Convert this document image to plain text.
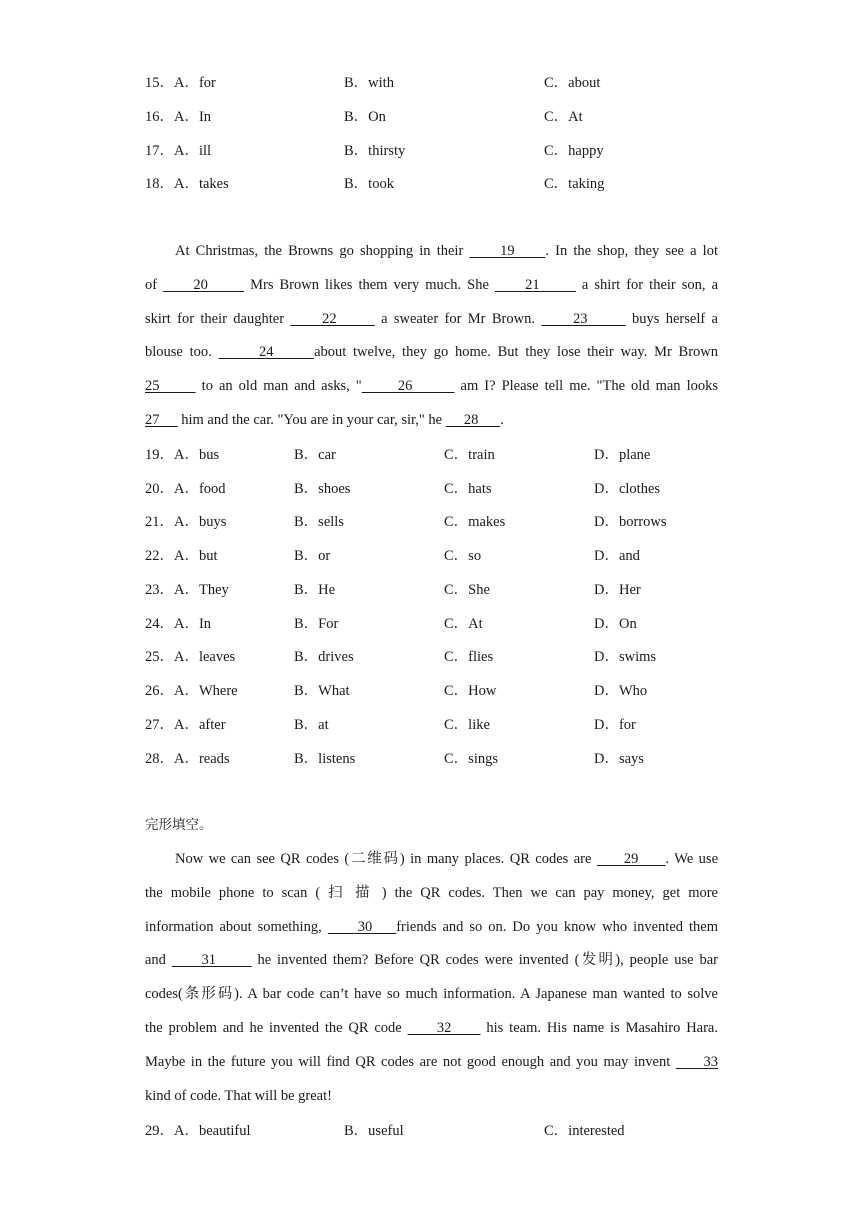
15．A．for	B．with	C．about
16．A．In	B．On	C．At
17．A．ill	B．thirsty	C．happy
18．A．takes	B．took	C．taking
At Christmas, the Browns go shopping in their      19     . In the shop, they see a lot
of      20       Mrs Brown likes them very much. She      21       a shirt for their son, a
skirt for their daughter      22       a sweater for Mr Brown.      23       buys herself a
blouse too.       24      about twelve, they go home. But they lose their way. Mr Brown
25       to an old man and asks, "      26        am I? Please tell me. "The old man looks
27      him and the car. "You are in your car, sir," he      28      .
19．A．bus	B．car	C．train	D．plane
20．A．food	B．shoes	C．hats	D．clothes
21．A．buys	B．sells	C．makes	D．borrows
22．A．but	B．or	C．so	D．and
23．A．They	B．He	C．She	D．Her
24．A．In	B．For	C．At	D．On
25．A．leaves	B．drives	C．flies	D．swims
26．A．Where	B．What	C．How	D．Who
27．A．after	B．at	C．like	D．for
28．A．reads	B．listens	C．sings	D．says
完形填空。
Now we can see QR codes (二维码) in many places. QR codes are      29     . We use
the mobile phone to scan ( 扫 描 ) the QR codes. Then we can pay money, get more
information about something,      30    friends and so on. Do you know who invented them
and      31       he invented them? Before QR codes were invented (发明), people use bar
codes(条形码). A bar code can’t have so much information. A Japanese man wanted to solve
the problem and he invented the QR code      32      his team. His name is Masahiro Hara.
Maybe in the future you will find QR codes are not good enough and you may invent      33
kind of code. That will be great!
29．A．beautiful	B．useful	C．interested
